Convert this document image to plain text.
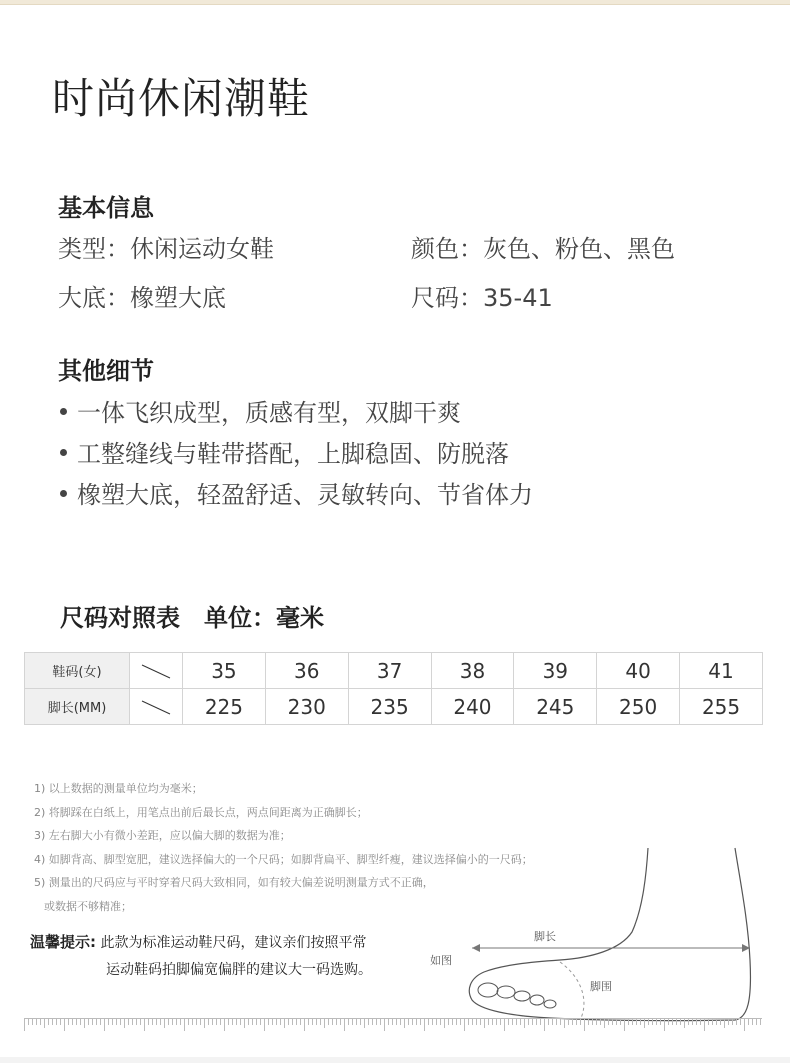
时尚休闲潮鞋
基本信息
类型：休闲运动女鞋	颜色：灰色、粉色、黑色
大底：橡塑大底	尺码：35-41
其他细节
一体飞织成型，质感有型，双脚干爽
工整缝线与鞋带搭配，上脚稳固、防脱落
橡塑大底，轻盈舒适、灵敏转向、节省体力
尺码对照表 单位：毫米
鞋码(女)		35	36	37	38	39	40	41
脚长(MM)		225	230	235	240	245	250	255
1) 以上数据的测量单位均为毫米；
2) 将脚踩在白纸上，用笔点出前后最长点，两点间距离为正确脚长；
3) 左右脚大小有微小差距，应以偏大脚的数据为准；
4) 如脚背高、脚型宽肥，建议选择偏大的一个尺码；如脚背扁平、脚型纤瘦，建议选择偏小的一尺码；
5) 测量出的尺码应与平时穿着尺码大致相同，如有较大偏差说明测量方式不正确，
或数据不够精准；
温馨提示: 此款为标准运动鞋尺码，建议亲们按照平常
运动鞋码拍脚偏宽偏胖的建议大一码选购。
脚长
如图
脚围
